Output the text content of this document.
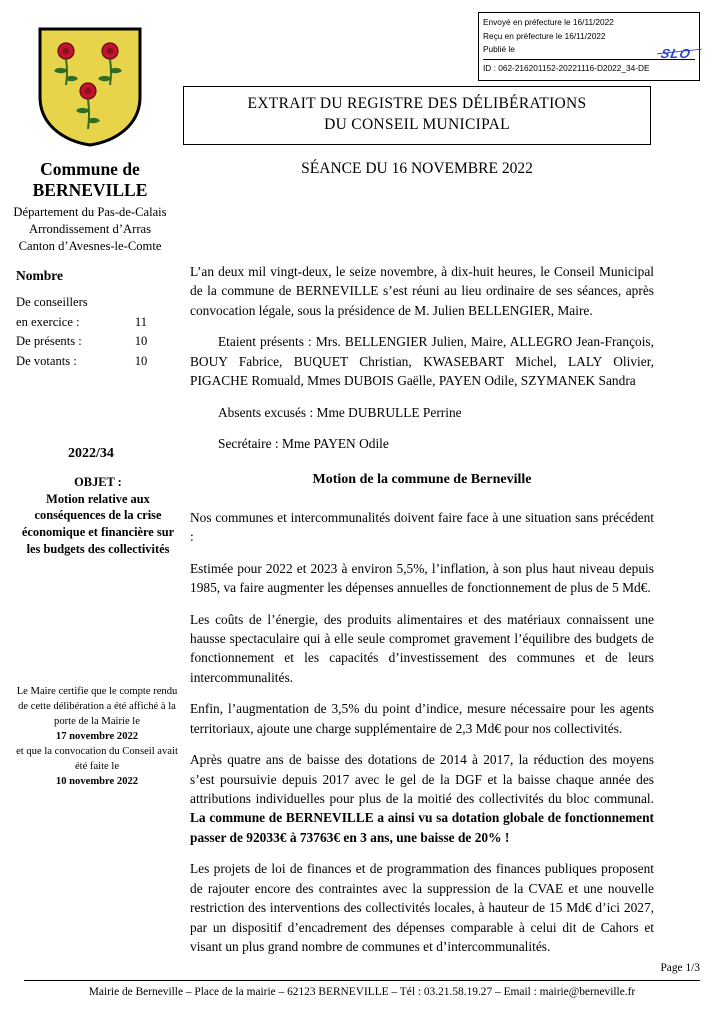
Envoyé en préfecture le 16/11/2022
Reçu en préfecture le 16/11/2022
Publié le
ID : 062-216201152-20221116-D2022_34-DE
SLO
EXTRAIT DU REGISTRE DES DÉLIBÉRATIONS
DU CONSEIL MUNICIPAL
SÉANCE DU 16 NOVEMBRE 2022
Commune de
BERNEVILLE
Département du Pas-de-Calais
Arrondissement d’Arras
Canton d’Avesnes-le-Comte
Nombre
De conseillers
en exercice :	11
De présents :	10
De votants :	10
2022/34
OBJET :
Motion relative aux conséquences de la crise économique et financière sur les budgets des collectivités
Le Maire certifie que le compte rendu de cette délibération a été affiché à la porte de la Mairie le
17 novembre 2022
et que la convocation du Conseil avait été faite le
10 novembre 2022

L’an deux mil vingt-deux, le seize novembre, à dix-huit heures, le Conseil Municipal de la commune de BERNEVILLE s’est réuni au lieu ordinaire de ses séances, après convocation légale, sous la présidence de M. Julien BELLENGIER, Maire.

Etaient présents : Mrs. BELLENGIER Julien, Maire, ALLEGRO Jean-François, BOUY Fabrice, BUQUET Christian, KWASEBART Michel, LALY Olivier, PIGACHE Romuald, Mmes DUBOIS Gaëlle, PAYEN Odile, SZYMANEK Sandra

Absents excusés : Mme DUBRULLE Perrine

Secrétaire : Mme PAYEN Odile

Motion de la commune de Berneville

Nos communes et intercommunalités doivent faire face à une situation sans précédent :

Estimée pour 2022 et 2023 à environ 5,5%, l’inflation, à son plus haut niveau depuis 1985, va faire augmenter les dépenses annuelles de fonctionnement de plus de 5 Md€.

Les coûts de l’énergie, des produits alimentaires et des matériaux connaissent une hausse spectaculaire qui à elle seule compromet gravement l’équilibre des budgets de fonctionnement et les capacités d’investissement des communes et de leurs intercommunalités.

Enfin, l’augmentation de 3,5% du point d’indice, mesure nécessaire pour les agents territoriaux, ajoute une charge supplémentaire de 2,3 Md€ pour nos collectivités.

Après quatre ans de baisse des dotations de 2014 à 2017, la réduction des moyens s’est poursuivie depuis 2017 avec le gel de la DGF et la baisse chaque année des attributions individuelles pour plus de la moitié des collectivités du bloc communal. La commune de BERNEVILLE a ainsi vu sa dotation globale de fonctionnement passer de 92033€ à 73763€ en 3 ans, une baisse de 20% !

Les projets de loi de finances et de programmation des finances publiques proposent de rajouter encore des contraintes avec la suppression de la CVAE et une nouvelle restriction des interventions des collectivités locales, à hauteur de 15 Md€ d’ici 2027, par un dispositif d’encadrement des dépenses comparable à celui dit de Cahors et visant un plus grand nombre de communes et d’intercommunalités.

Page 1/3
Mairie de Berneville – Place de la mairie – 62123 BERNEVILLE – Tél : 03.21.58.19.27 – Email : mairie@berneville.fr
